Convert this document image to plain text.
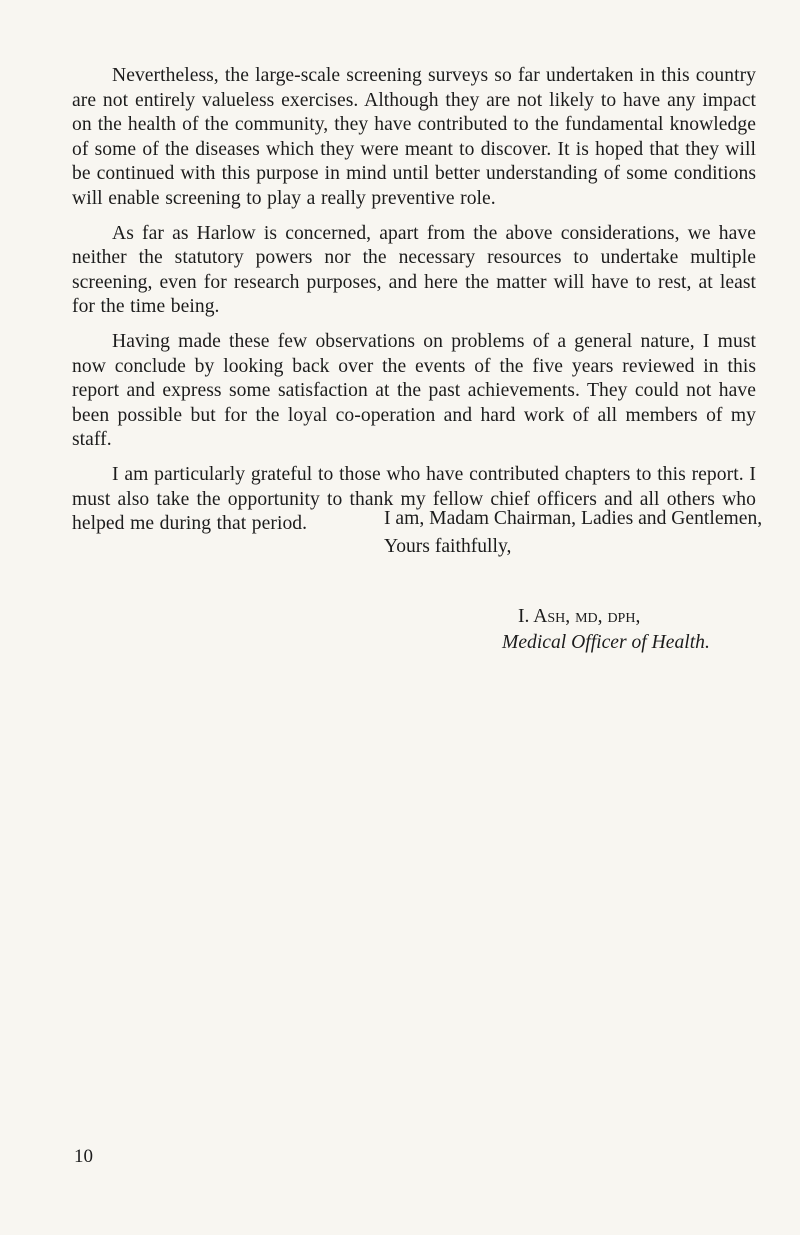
Nevertheless, the large-scale screening surveys so far undertaken in this country are not entirely valueless exercises. Although they are not likely to have any impact on the health of the community, they have contributed to the fundamental knowledge of some of the diseases which they were meant to discover. It is hoped that they will be continued with this purpose in mind until better understanding of some conditions will enable screening to play a really preventive role.

As far as Harlow is concerned, apart from the above considerations, we have neither the statutory powers nor the necessary resources to undertake multiple screening, even for research purposes, and here the matter will have to rest, at least for the time being.

Having made these few observations on problems of a general nature, I must now conclude by looking back over the events of the five years reviewed in this report and express some satisfaction at the past achievements. They could not have been possible but for the loyal co-operation and hard work of all members of my staff.

I am particularly grateful to those who have contributed chapters to this report. I must also take the opportunity to thank my fellow chief officers and all others who helped me during that period.	I am, Madam Chairman, Ladies and Gentlemen,
Yours faithfully,
I. Ash, md, dph,
Medical Officer of Health.
10
